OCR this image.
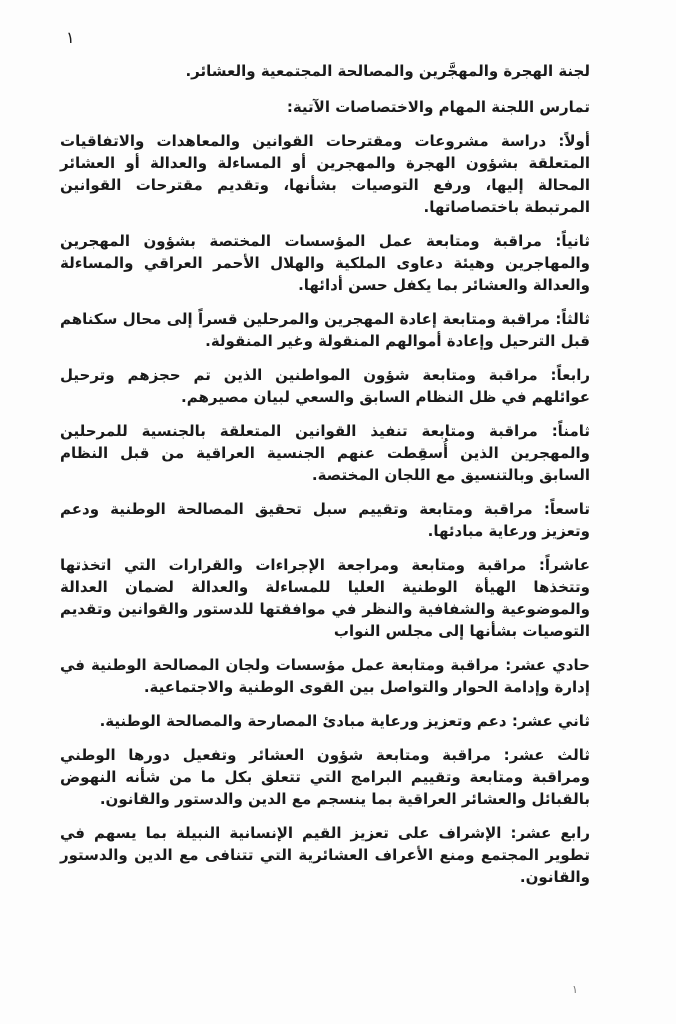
١

لجنة الهجرة والمهجَّرين والمصالحة المجتمعية والعشائر.

تمارس اللجنة المهام والاختصاصات الآتية:

أولاً: دراسة مشروعات ومقترحات القوانين والمعاهدات والاتفاقيات المتعلقة بشؤون الهجرة والمهجرين أو المساءلة والعدالة أو العشائر المحالة إليها، ورفع التوصيات بشأنها، وتقديم مقترحات القوانين المرتبطة باختصاصاتها.

ثانياً: مراقبة ومتابعة عمل المؤسسات المختصة بشؤون المهجرين والمهاجرين وهيئة دعاوى الملكية والهلال الأحمر العراقي والمساءلة والعدالة والعشائر بما يكفل حسن أدائها.

ثالثاً: مراقبة ومتابعة إعادة المهجرين والمرحلين قسراً إلى محال سكناهم قبل الترحيل وإعادة أموالهم المنقولة وغير المنقولة.

رابعاً: مراقبة ومتابعة شؤون المواطنين الذين تم حجزهم وترحيل عوائلهم في ظل النظام السابق والسعي لبيان مصيرهم.

ثامناً: مراقبة ومتابعة تنفيذ القوانين المتعلقة بالجنسية للمرحلين والمهجرين الذين أُسقِطت عنهم الجنسية العراقية من قبل النظام السابق وبالتنسيق مع اللجان المختصة.

تاسعاً: مراقبة ومتابعة وتقييم سبل تحقيق المصالحة الوطنية ودعم وتعزيز ورعاية مبادئها.

عاشراً: مراقبة ومتابعة ومراجعة الإجراءات والقرارات التي اتخذتها وتتخذها الهيأة الوطنية العليا للمساءلة والعدالة لضمان العدالة والموضوعية والشفافية والنظر في موافقتها للدستور والقوانين وتقديم التوصيات بشأنها إلى مجلس النواب

حادي عشر: مراقبة ومتابعة عمل مؤسسات ولجان المصالحة الوطنية في إدارة وإدامة الحوار والتواصل بين القوى الوطنية والاجتماعية.

ثاني عشر: دعم وتعزيز ورعاية مبادئ المصارحة والمصالحة الوطنية.

ثالث عشر: مراقبة ومتابعة شؤون العشائر وتفعيل دورها الوطني ومراقبة ومتابعة وتقييم البرامج التي تتعلق بكل ما من شأنه النهوض بالقبائل والعشائر العراقية بما ينسجم مع الدين والدستور والقانون.

رابع عشر: الإشراف على تعزيز القيم الإنسانية النبيلة بما يسهم في تطوير المجتمع ومنع الأعراف العشائرية التي تتنافى مع الدين والدستور والقانون.

١
